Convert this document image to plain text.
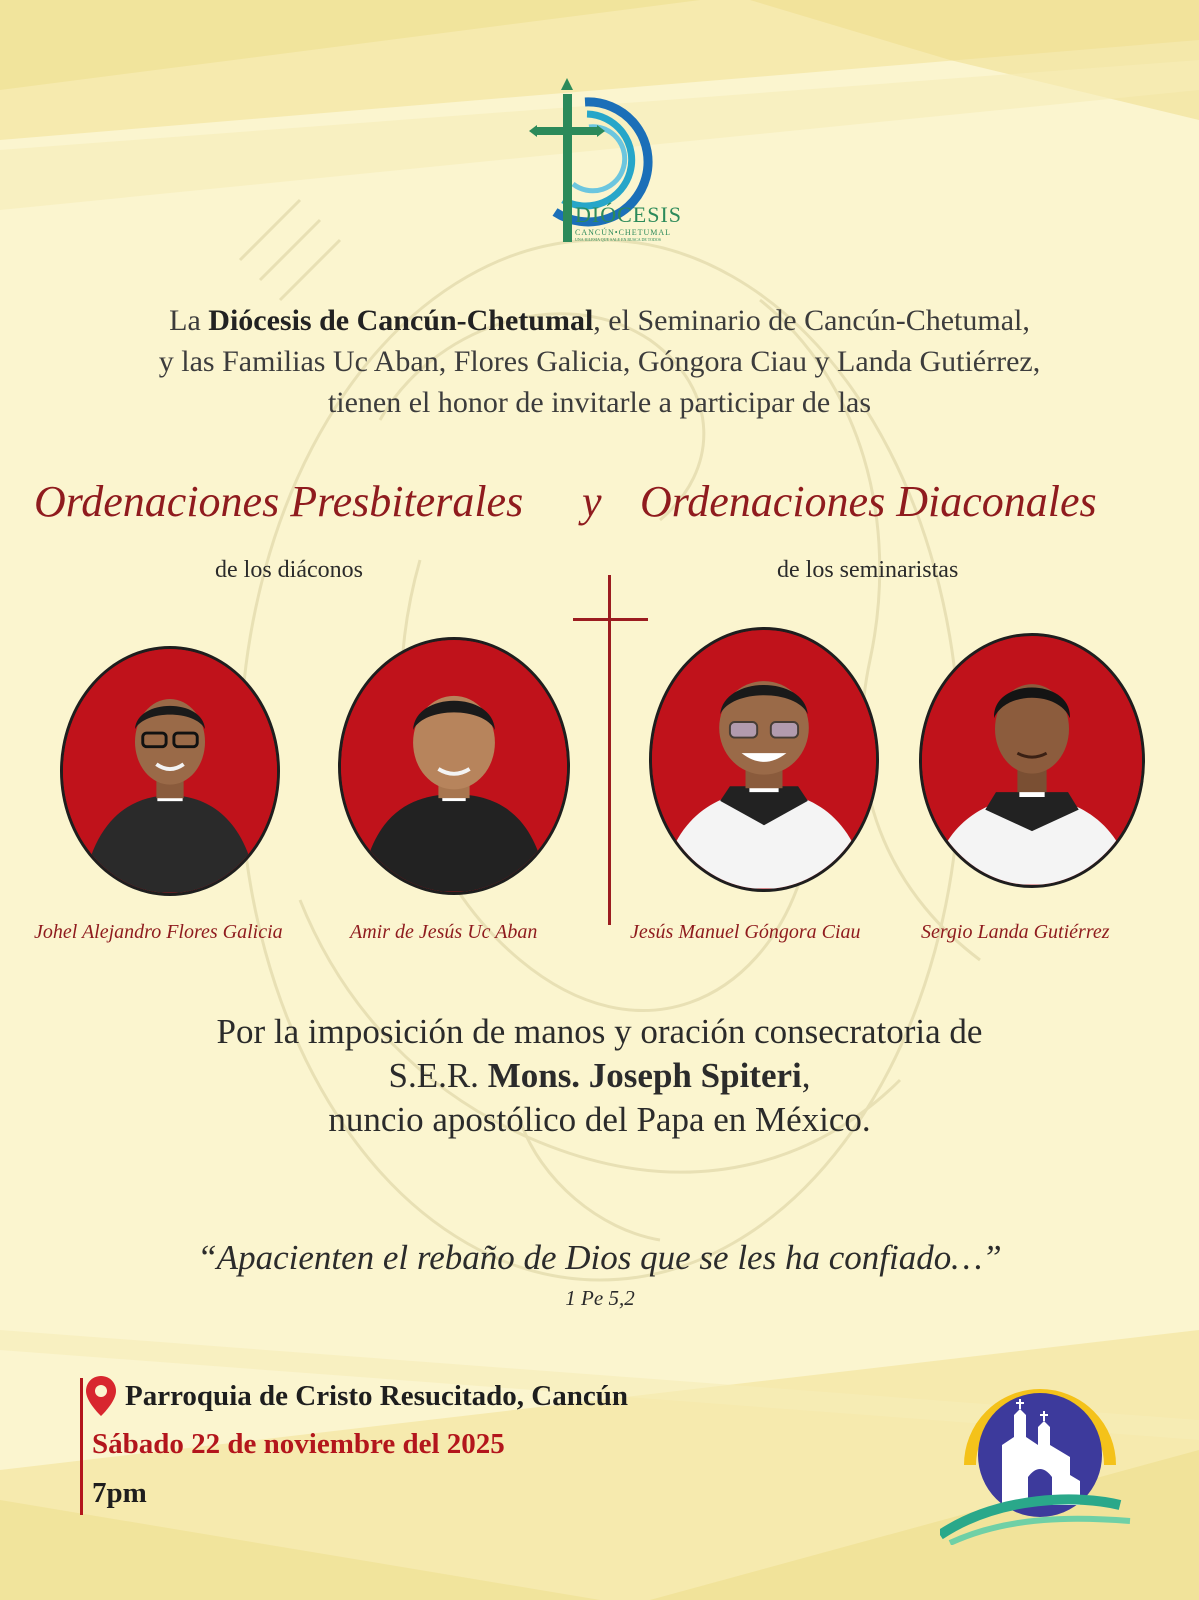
DIÓCESIS
CANCÚN•CHETUMAL
UNA IGLESIA QUE SALE EN BUSCA DE TODOS
La Diócesis de Cancún-Chetumal, el Seminario de Cancún-Chetumal,
y las Familias Uc Aban, Flores Galicia, Góngora Ciau y Landa Gutiérrez,
tienen el honor de invitarle a participar de las
Ordenaciones Presbiterales y Ordenaciones Diaconales
de los diáconos	de los seminaristas
Johel Alejandro Flores Galicia	Amir de Jesús Uc Aban	Jesús Manuel Góngora Ciau	Sergio Landa Gutiérrez
Por la imposición de manos y oración consecratoria de
S.E.R. Mons. Joseph Spiteri,
nuncio apostólico del Papa en México.
“Apacienten el rebaño de Dios que se les ha confiado…”
1 Pe 5,2
Parroquia de Cristo Resucitado, Cancún
Sábado 22 de noviembre del 2025
7pm
